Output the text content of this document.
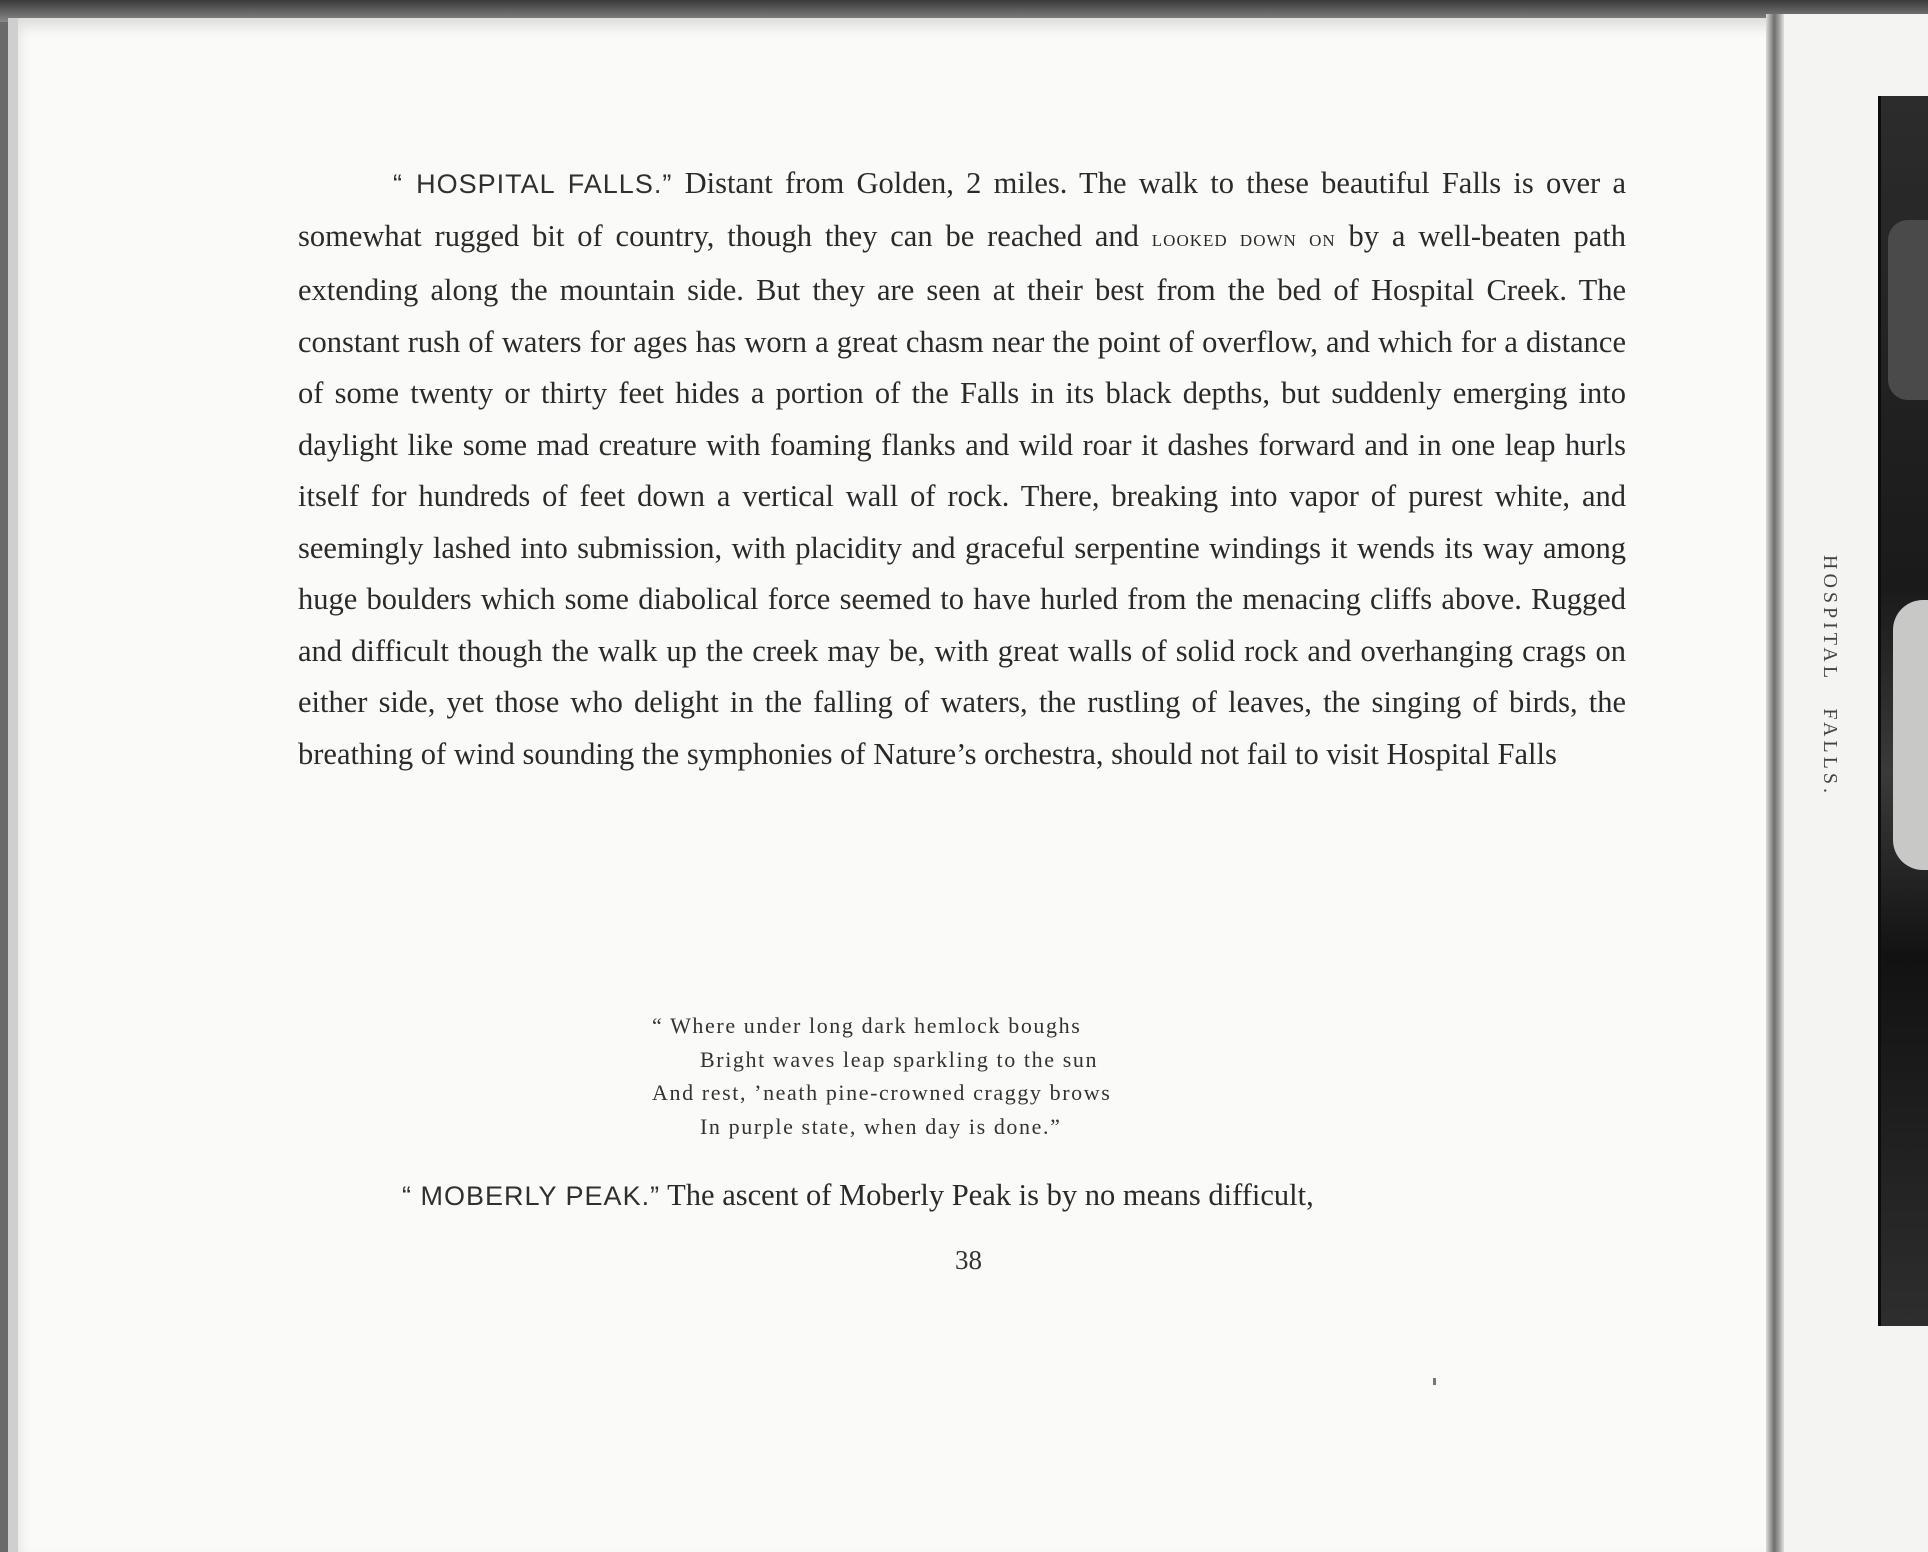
HOSPITAL   FALLS.

“ HOSPITAL FALLS.” Distant from Golden, 2 miles. The walk to these beautiful Falls is over a somewhat rugged bit of country, though they can be reached and looked down on by a well-beaten path extending along the mountain side. But they are seen at their best from the bed of Hospital Creek. The constant rush of waters for ages has worn a great chasm near the point of overflow, and which for a distance of some twenty or thirty feet hides a portion of the Falls in its black depths, but suddenly emerging into daylight like some mad creature with foaming flanks and wild roar it dashes forward and in one leap hurls itself for hundreds of feet down a vertical wall of rock. There, breaking into vapor of purest white, and seemingly lashed into submission, with placidity and graceful serpentine windings it wends its way among huge boulders which some diabolical force seemed to have hurled from the menacing cliffs above. Rugged and difficult though the walk up the creek may be, with great walls of solid rock and overhanging crags on either side, yet those who delight in the falling of waters, the rustling of leaves, the singing of birds, the breathing of wind sounding the symphonies of Nature’s orchestra, should not fail to visit Hospital Falls

“ Where under long dark hemlock boughs
Bright waves leap sparkling to the sun
And rest, ’neath pine-crowned craggy brows
In purple state, when day is done.”
“ MOBERLY PEAK.” The ascent of Moberly Peak is by no means difficult,
38
